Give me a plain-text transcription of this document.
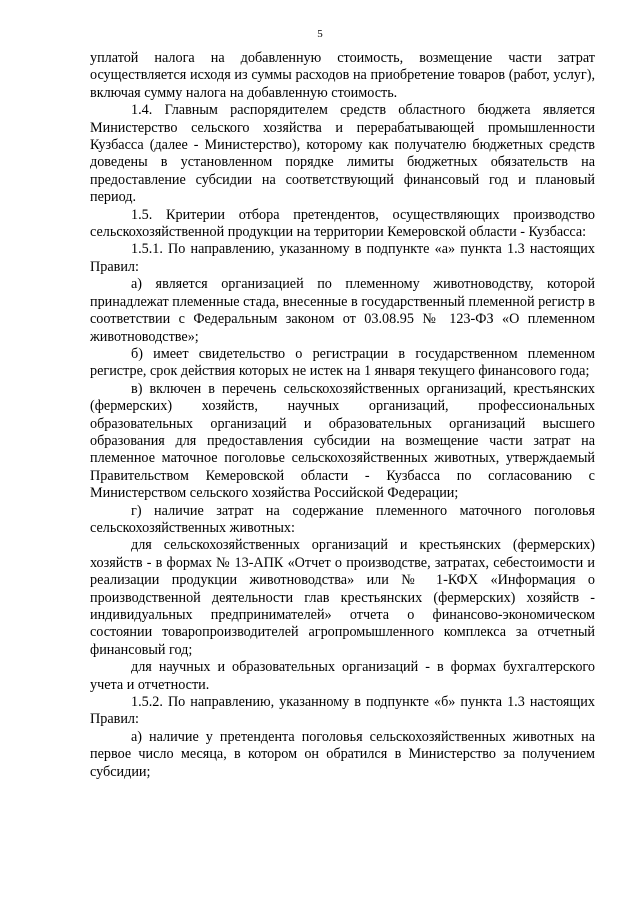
5

уплатой налога на добавленную стоимость, возмещение части затрат осуществляется исходя из суммы расходов на приобретение товаров (работ, услуг), включая сумму налога на добавленную стоимость.

1.4. Главным распорядителем средств областного бюджета является Министерство сельского хозяйства и перерабатывающей промышленности Кузбасса (далее - Министерство), которому как получателю бюджетных средств доведены в установленном порядке лимиты бюджетных обязательств на предоставление субсидии на соответствующий финансовый год и плановый период.

1.5. Критерии отбора претендентов, осуществляющих производство сельскохозяйственной продукции на территории Кемеровской области - Кузбасса:

1.5.1. По направлению, указанному в подпункте «а» пункта 1.3 настоящих Правил:

а) является организацией по племенному животноводству, которой принадлежат племенные стада, внесенные в государственный племенной регистр в соответствии с Федеральным законом от 03.08.95 № 123-ФЗ «О племенном животноводстве»;

б) имеет свидетельство о регистрации в государственном племенном регистре, срок действия которых не истек на 1 января текущего финансового года;

в) включен в перечень сельскохозяйственных организаций, крестьянских (фермерских) хозяйств, научных организаций, профессиональных образовательных организаций и образовательных организаций высшего образования для предоставления субсидии на возмещение части затрат на племенное маточное поголовье сельскохозяйственных животных, утверждаемый Правительством Кемеровской области - Кузбасса по согласованию с Министерством сельского хозяйства Российской Федерации;

г) наличие затрат на содержание племенного маточного поголовья сельскохозяйственных животных:

для сельскохозяйственных организаций и крестьянских (фермерских) хозяйств - в формах № 13-АПК «Отчет о производстве, затратах, себестоимости и реализации продукции животноводства» или № 1-КФХ «Информация о производственной деятельности глав крестьянских (фермерских) хозяйств - индивидуальных предпринимателей» отчета о финансово-экономическом состоянии товаропроизводителей агропромышленного комплекса за отчетный финансовый год;

для научных и образовательных организаций - в формах бухгалтерского учета и отчетности.

1.5.2. По направлению, указанному в подпункте «б» пункта 1.3 настоящих Правил:

а) наличие у претендента поголовья сельскохозяйственных животных на первое число месяца, в котором он обратился в Министерство за получением субсидии;
